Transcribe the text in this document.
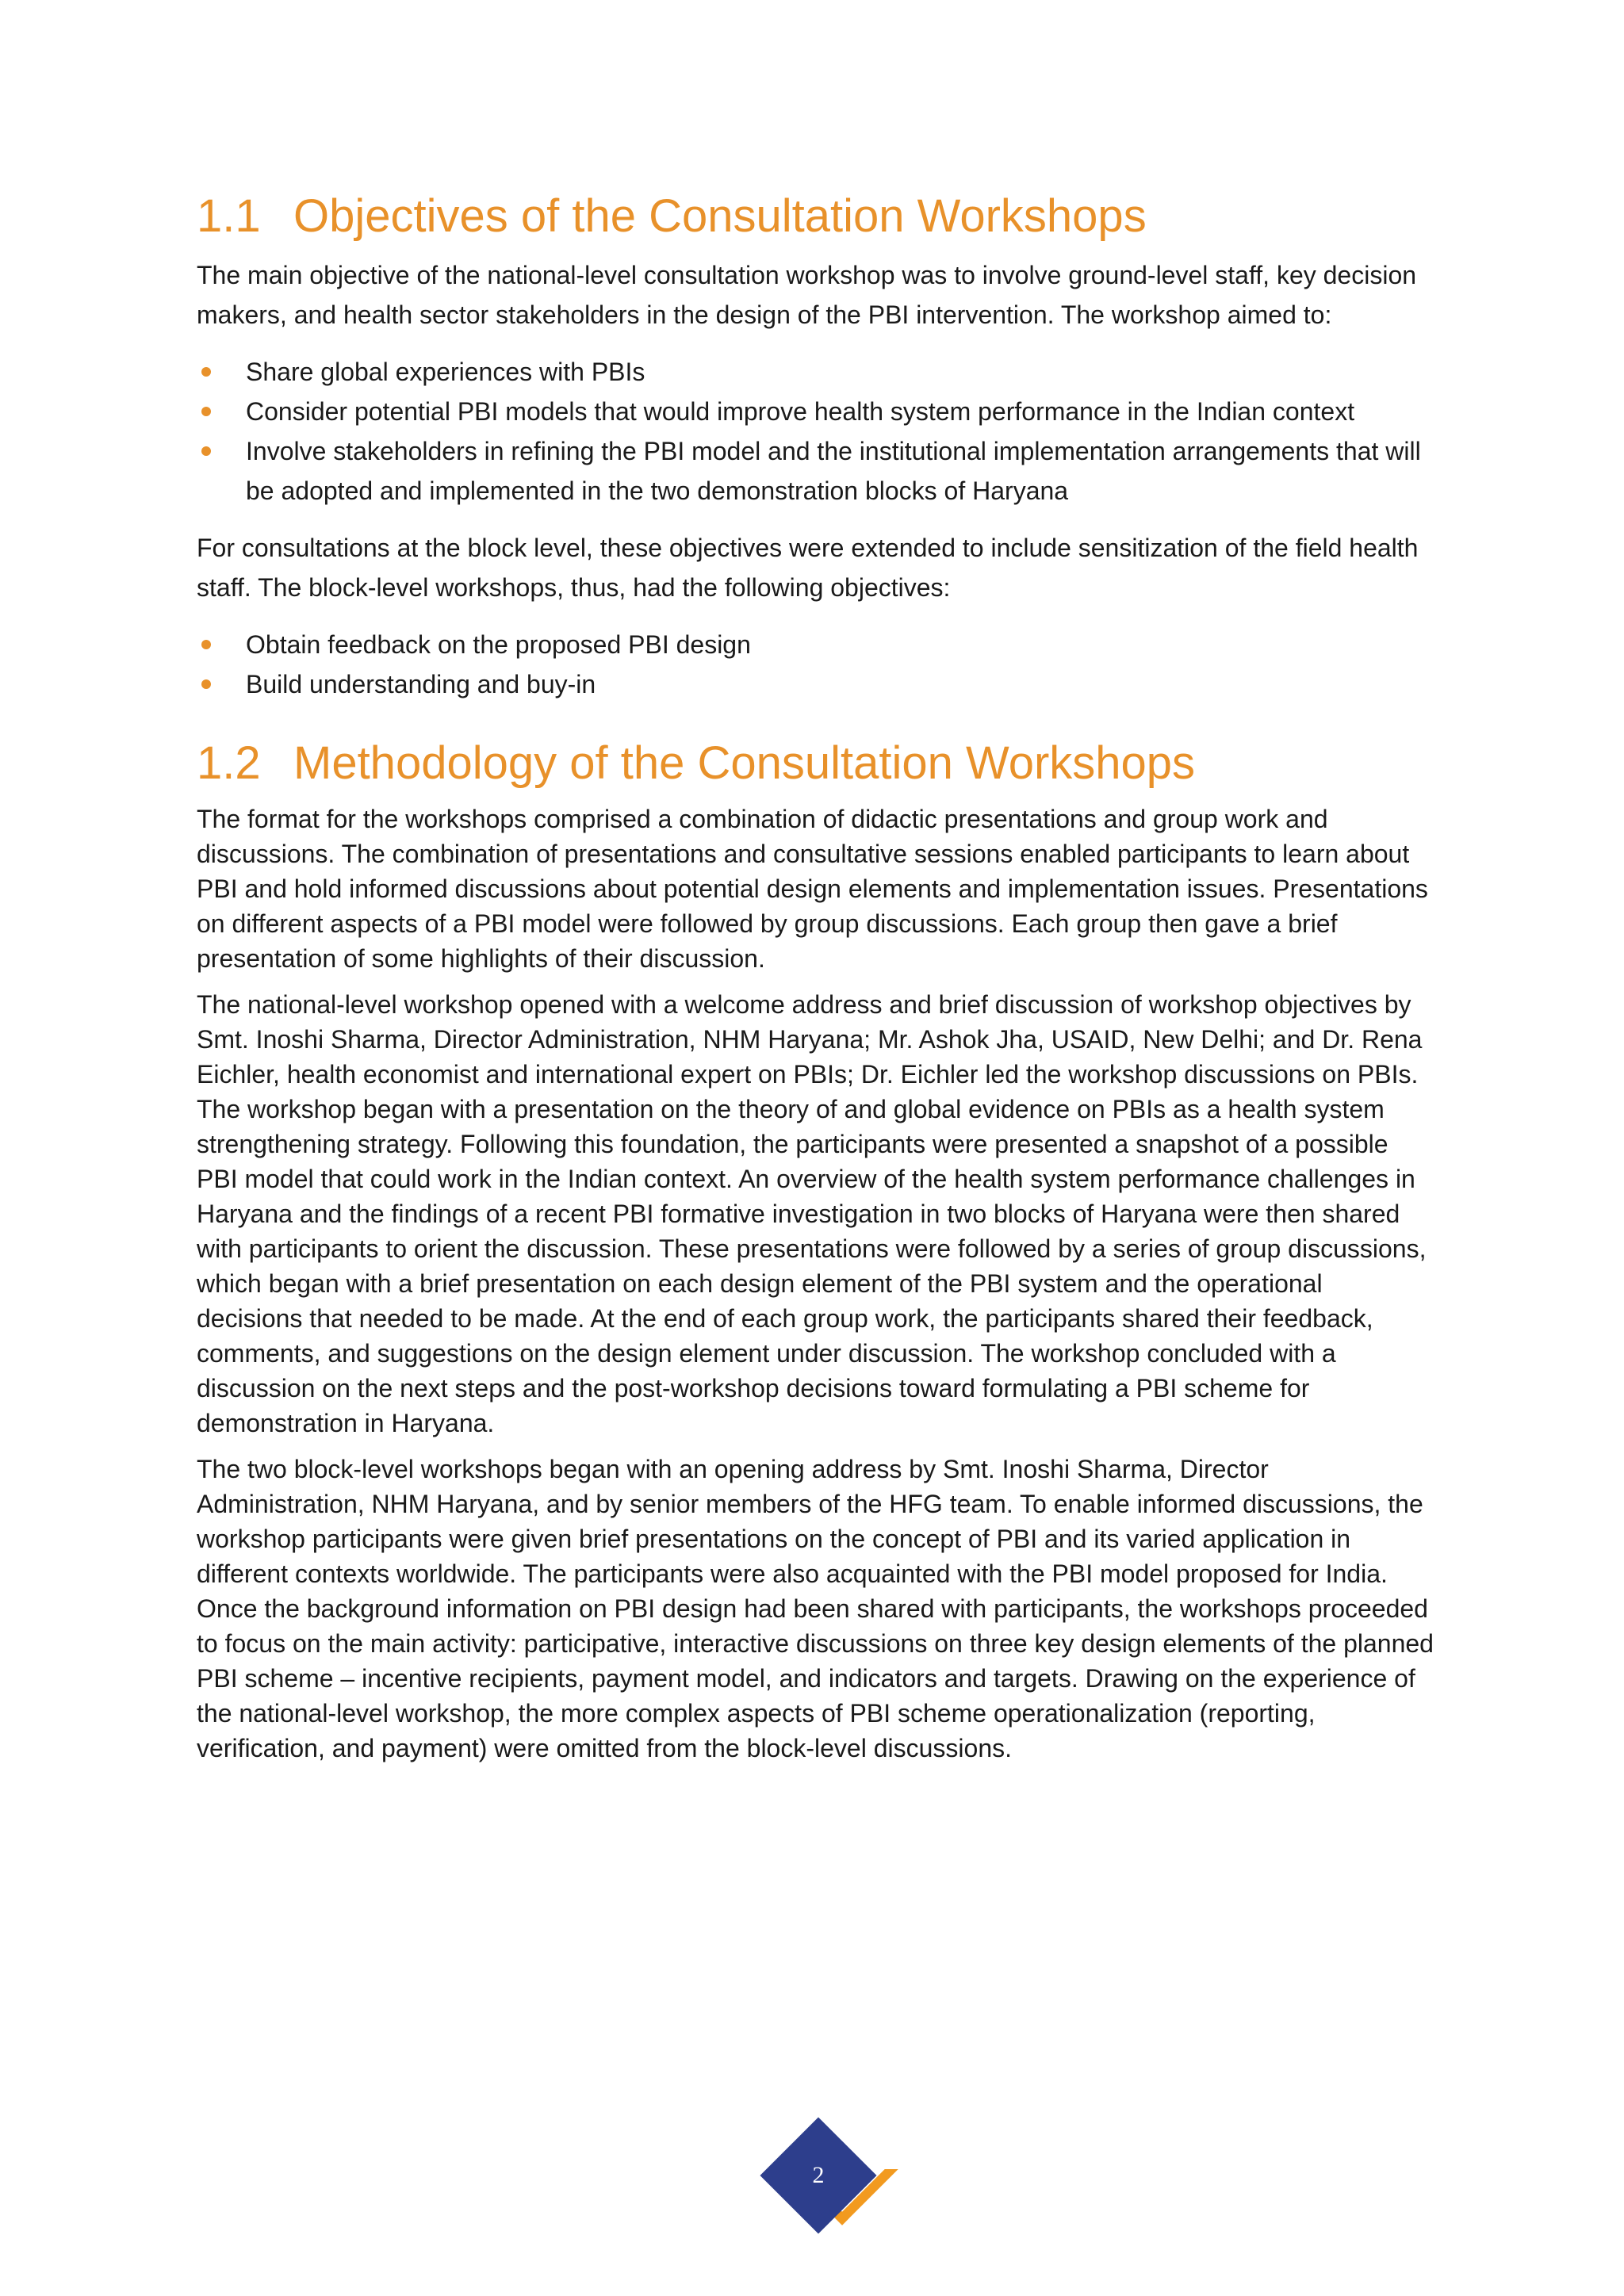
1.1 Objectives of the Consultation Workshops

The main objective of the national-level consultation workshop was to involve ground-level staff, key decision makers, and health sector stakeholders in the design of the PBI intervention. The workshop aimed to:

Share global experiences with PBIs
Consider potential PBI models that would improve health system performance in the Indian context
Involve stakeholders in refining the PBI model and the institutional implementation arrangements that will be adopted and implemented in the two demonstration blocks of Haryana

For consultations at the block level, these objectives were extended to include sensitization of the field health staff. The block-level workshops, thus, had the following objectives:

Obtain feedback on the proposed PBI design
Build understanding and buy-in
1.2 Methodology of the Consultation Workshops

The format for the workshops comprised a combination of didactic presentations and group work and discussions. The combination of presentations and consultative sessions enabled participants to learn about PBI and hold informed discussions about potential design elements and implementation issues. Presentations on different aspects of a PBI model were followed by group discussions. Each group then gave a brief presentation of some highlights of their discussion.

The national-level workshop opened with a welcome address and brief discussion of workshop objectives by Smt. Inoshi Sharma, Director Administration, NHM Haryana; Mr. Ashok Jha, USAID, New Delhi; and Dr. Rena Eichler, health economist and international expert on PBIs; Dr. Eichler led the workshop discussions on PBIs. The workshop began with a presentation on the theory of and global evidence on PBIs as a health system strengthening strategy. Following this foundation, the participants were presented a snapshot of a possible PBI model that could work in the Indian context. An overview of the health system performance challenges in Haryana and the findings of a recent PBI formative investigation in two blocks of Haryana were then shared with participants to orient the discussion. These presentations were followed by a series of group discussions, which began with a brief presentation on each design element of the PBI system and the operational decisions that needed to be made. At the end of each group work, the participants shared their feedback, comments, and suggestions on the design element under discussion. The workshop concluded with a discussion on the next steps and the post-workshop decisions toward formulating a PBI scheme for demonstration in Haryana.

The two block-level workshops began with an opening address by Smt. Inoshi Sharma, Director Administration, NHM Haryana, and by senior members of the HFG team. To enable informed discussions, the workshop participants were given brief presentations on the concept of PBI and its varied application in different contexts worldwide. The participants were also acquainted with the PBI model proposed for India. Once the background information on PBI design had been shared with participants, the workshops proceeded to focus on the main activity: participative, interactive discussions on three key design elements of the planned PBI scheme – incentive recipients, payment model, and indicators and targets. Drawing on the experience of the national-level workshop, the more complex aspects of PBI scheme operationalization (reporting, verification, and payment) were omitted from the block-level discussions.

2
